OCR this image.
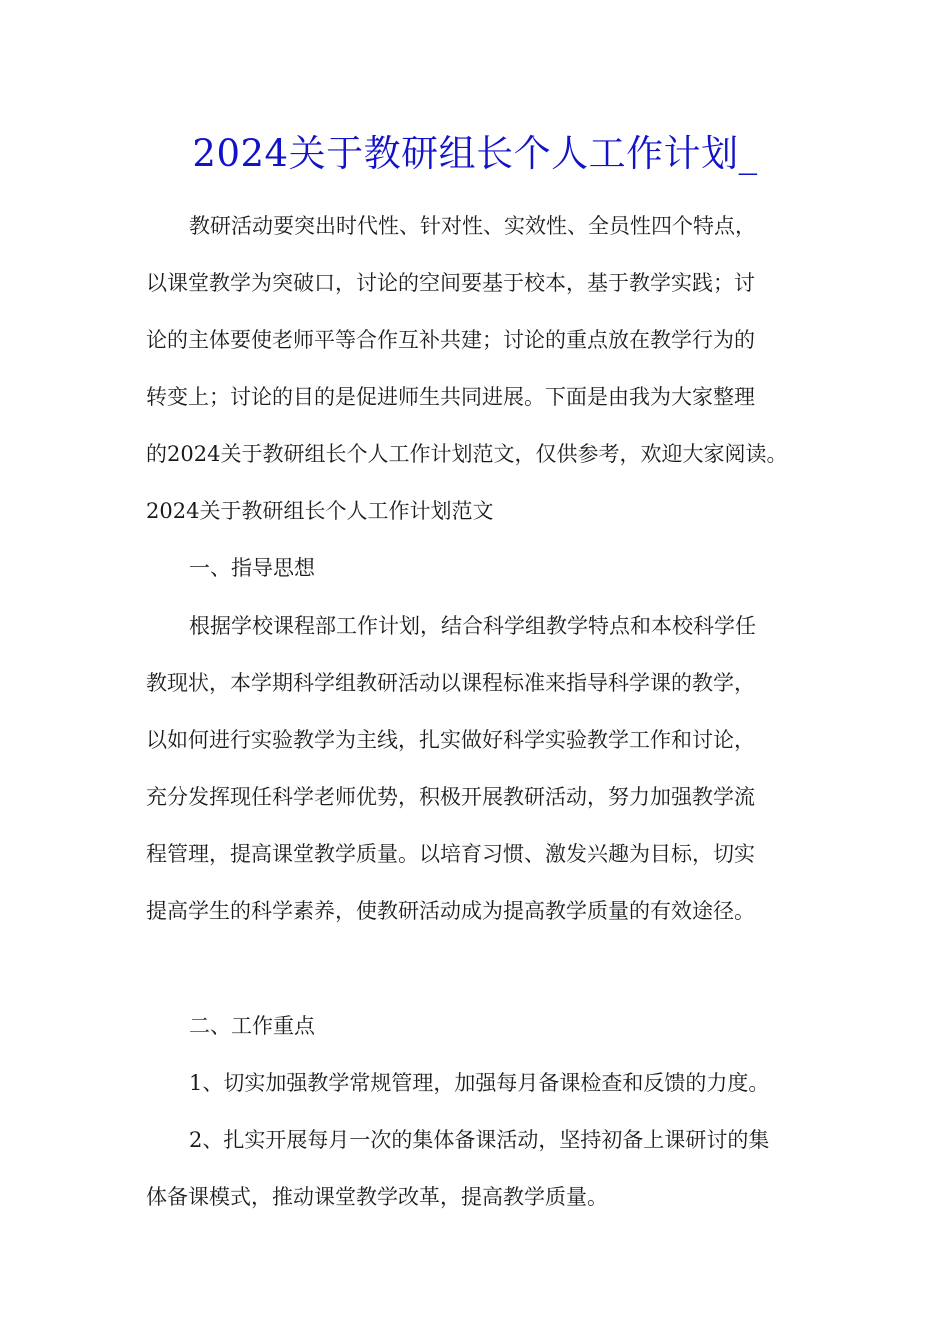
2024关于教研组长个人工作计划_

教研活动要突出时代性、针对性、实效性、全员性四个特点，

以课堂教学为突破口，讨论的空间要基于校本，基于教学实践；讨

论的主体要使老师平等合作互补共建；讨论的重点放在教学行为的

转变上；讨论的目的是促进师生共同进展。下面是由我为大家整理

的2024关于教研组长个人工作计划范文，仅供参考，欢迎大家阅读。

2024关于教研组长个人工作计划范文

一、指导思想

根据学校课程部工作计划，结合科学组教学特点和本校科学任

教现状，本学期科学组教研活动以课程标准来指导科学课的教学，

以如何进行实验教学为主线，扎实做好科学实验教学工作和讨论，

充分发挥现任科学老师优势，积极开展教研活动，努力加强教学流

程管理，提高课堂教学质量。以培育习惯、激发兴趣为目标，切实

提高学生的科学素养，使教研活动成为提高教学质量的有效途径。

二、工作重点

1、切实加强教学常规管理，加强每月备课检查和反馈的力度。

2、扎实开展每月一次的集体备课活动，坚持初备上课研讨的集

体备课模式，推动课堂教学改革，提高教学质量。
